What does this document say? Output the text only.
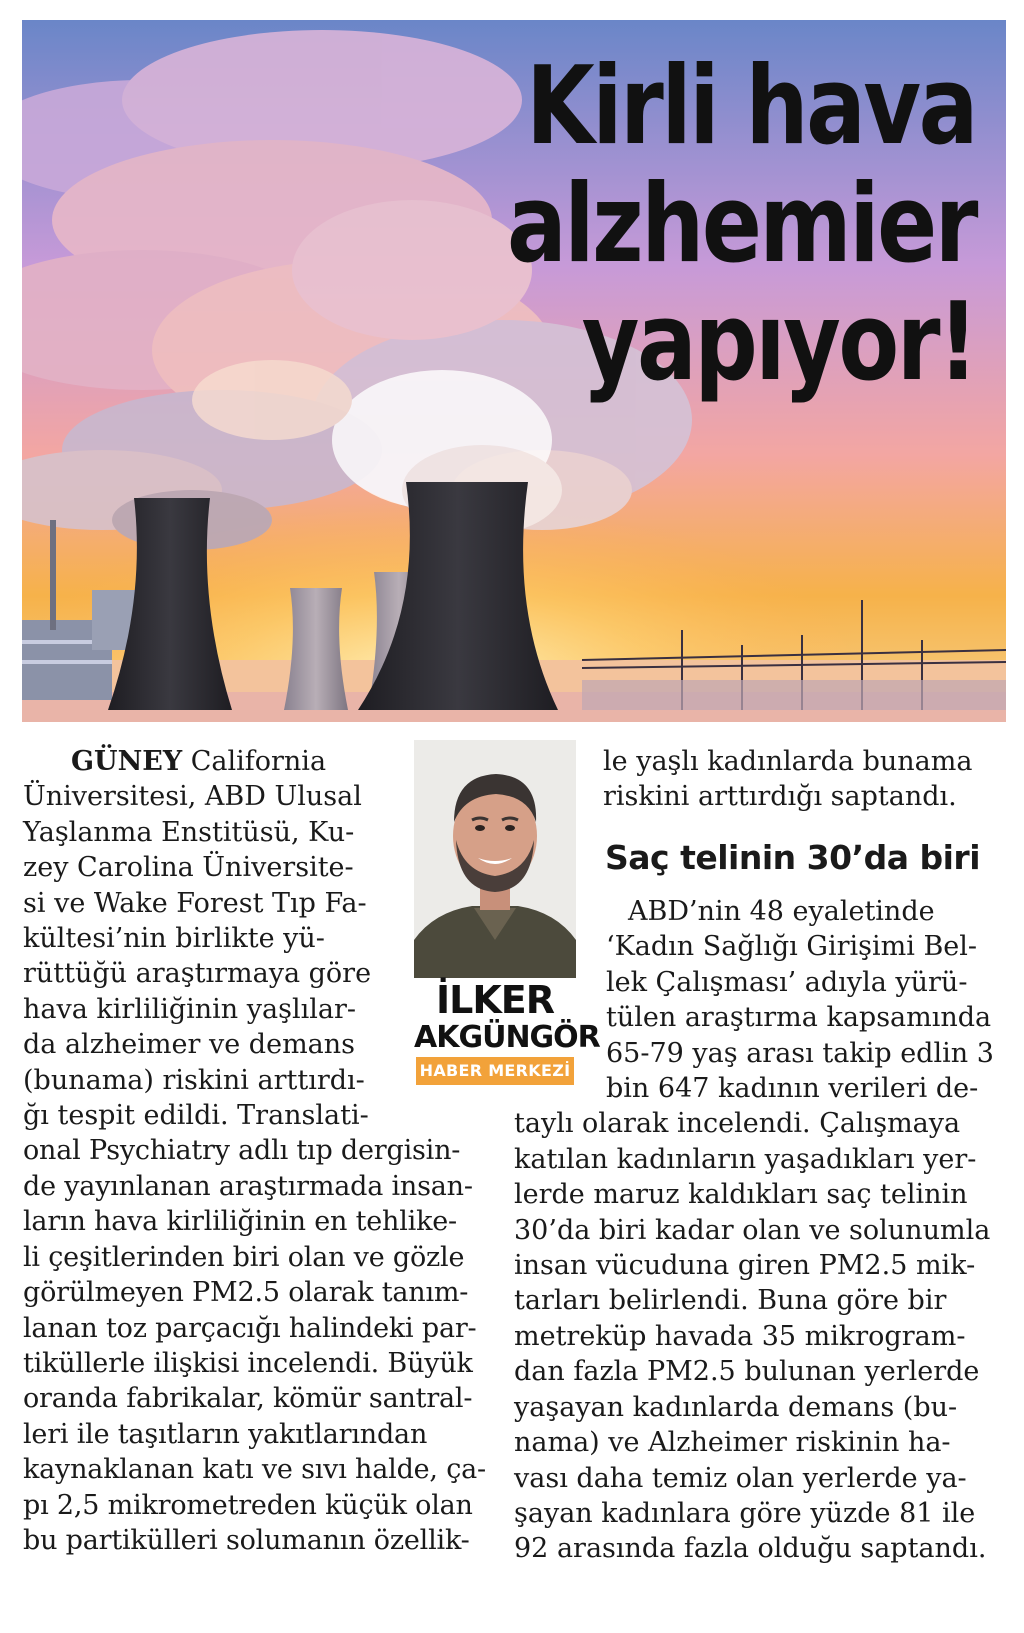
Kirli hava
alzhemier
yapıyor!

GÜNEY California

Üniversitesi, ABD Ulusal

Yaşlanma Enstitüsü, Ku-

zey Carolina Üniversite-

si ve Wake Forest Tıp Fa-

kültesi’nin birlikte yü-

rüttüğü araştırmaya göre

hava kirliliğinin yaşlılar-

da alzheimer ve demans

(bunama) riskini arttırdı-

ğı tespit edildi. Translati-

onal Psychiatry adlı tıp dergisin-

de yayınlanan araştırmada insan-

ların hava kirliliğinin en tehlike-

li çeşitlerinden biri olan ve gözle

görülmeyen PM2.5 olarak tanım-

lanan toz parçacığı halindeki par-

tiküllerle ilişkisi incelendi. Büyük

oranda fabrikalar, kömür santral-

leri ile taşıtların yakıtlarından

kaynaklanan katı ve sıvı halde, ça-

pı 2,5 mikrometreden küçük olan

bu partikülleri solumanın özellik-

İLKER
AKGÜNGÖR
HABER MERKEZİ

le yaşlı kadınlarda bunama

riskini arttırdığı saptandı.

Saç telinin 30’da biri

ABD’nin 48 eyaletinde

‘Kadın Sağlığı Girişimi Bel-

lek Çalışması’ adıyla yürü-

tülen araştırma kapsamında

65-79 yaş arası takip edlin 3

bin 647 kadının verileri de-

taylı olarak incelendi. Çalışmaya

katılan kadınların yaşadıkları yer-

lerde maruz kaldıkları saç telinin

30’da biri kadar olan ve solunumla

insan vücuduna giren PM2.5 mik-

tarları belirlendi. Buna göre bir

metreküp havada 35 mikrogram-

dan fazla PM2.5 bulunan yerlerde

yaşayan kadınlarda demans (bu-

nama) ve Alzheimer riskinin ha-

vası daha temiz olan yerlerde ya-

şayan kadınlara göre yüzde 81 ile

92 arasında fazla olduğu saptandı.
